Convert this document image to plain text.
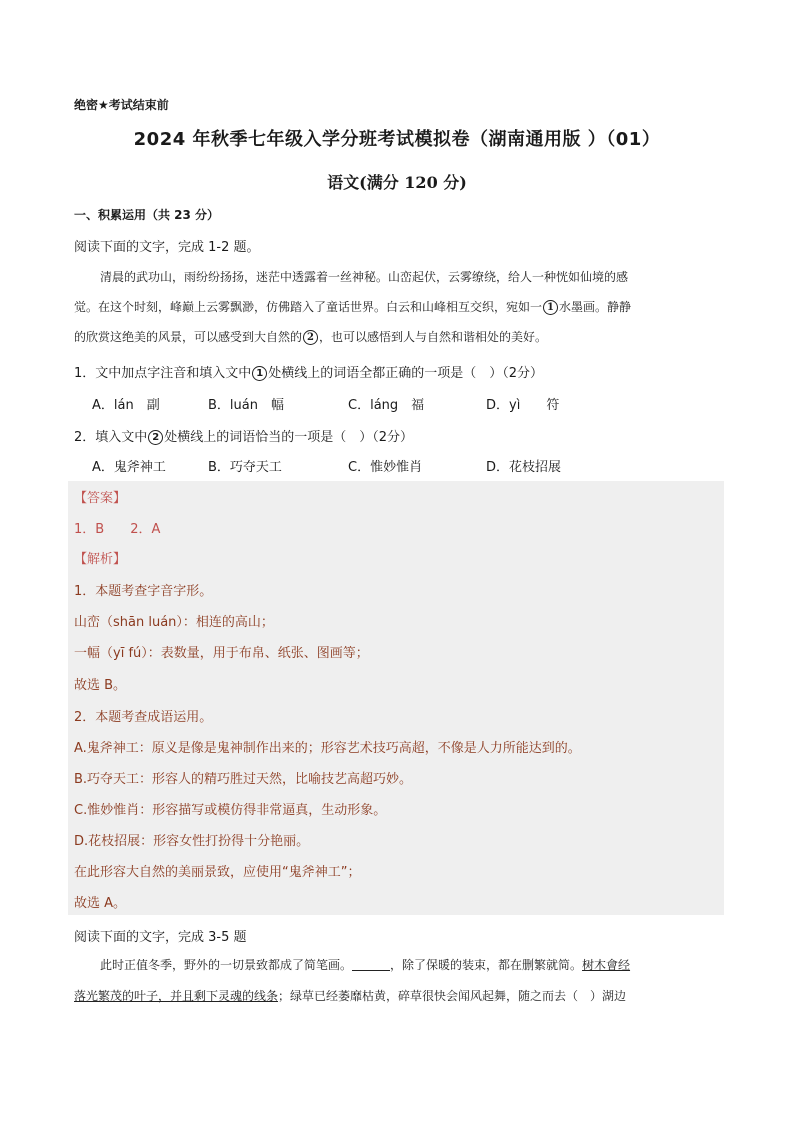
绝密★考试结束前
2024 年秋季七年级入学分班考试模拟卷（湖南通用版 ）（01）
语文(满分 120 分)
一、积累运用（共 23 分）
阅读下面的文字，完成 1-2 题。
清晨的武功山，雨纷纷扬扬，迷茫中透露着一丝神秘。山峦起伏，云雾缭绕，给人一种恍如仙境的感
觉。在这个时刻，峰巅上云雾飘渺，仿佛踏入了童话世界。白云和山峰相互交织，宛如一 1 水墨画。静静
的欣赏这绝美的风景，可以感受到大自然的 2 ，也可以感悟到人与自然和谐相处的美好。
1．文中加点字注音和填入文中 1 处横线上的词语全都正确的一项是（　）（2分）
A．lán　副	B．luán　幅	C．láng　福	D．yì　　符
2．填入文中 2 处横线上的词语恰当的一项是（　）（2分）
A．鬼斧神工	B．巧夺天工	C．惟妙惟肖	D．花枝招展
【答案】
1．B　　2．A
【解析】
1．本题考查字音字形。
山峦（shān luán）：相连的高山；
一幅（yī fú）：表数量，用于布帛、纸张、图画等；
故选 B。
2．本题考查成语运用。
A.鬼斧神工：原义是像是鬼神制作出来的；形容艺术技巧高超，不像是人力所能达到的。
B.巧夺天工：形容人的精巧胜过天然，比喻技艺高超巧妙。
C.惟妙惟肖：形容描写或模仿得非常逼真，生动形象。
D.花枝招展：形容女性打扮得十分艳丽。
在此形容大自然的美丽景致，应使用“鬼斧神工”；
故选 A。
阅读下面的文字，完成 3-5 题
此时正值冬季，野外的一切景致都成了简笔画。	，除了保暖的装束，都在删繁就简。树木會经
落光繁茂的叶子，并且剩下灵魂的线条；绿草已经萎靡枯黄，碎草很快会闻风起舞，随之而去（　）湖边
